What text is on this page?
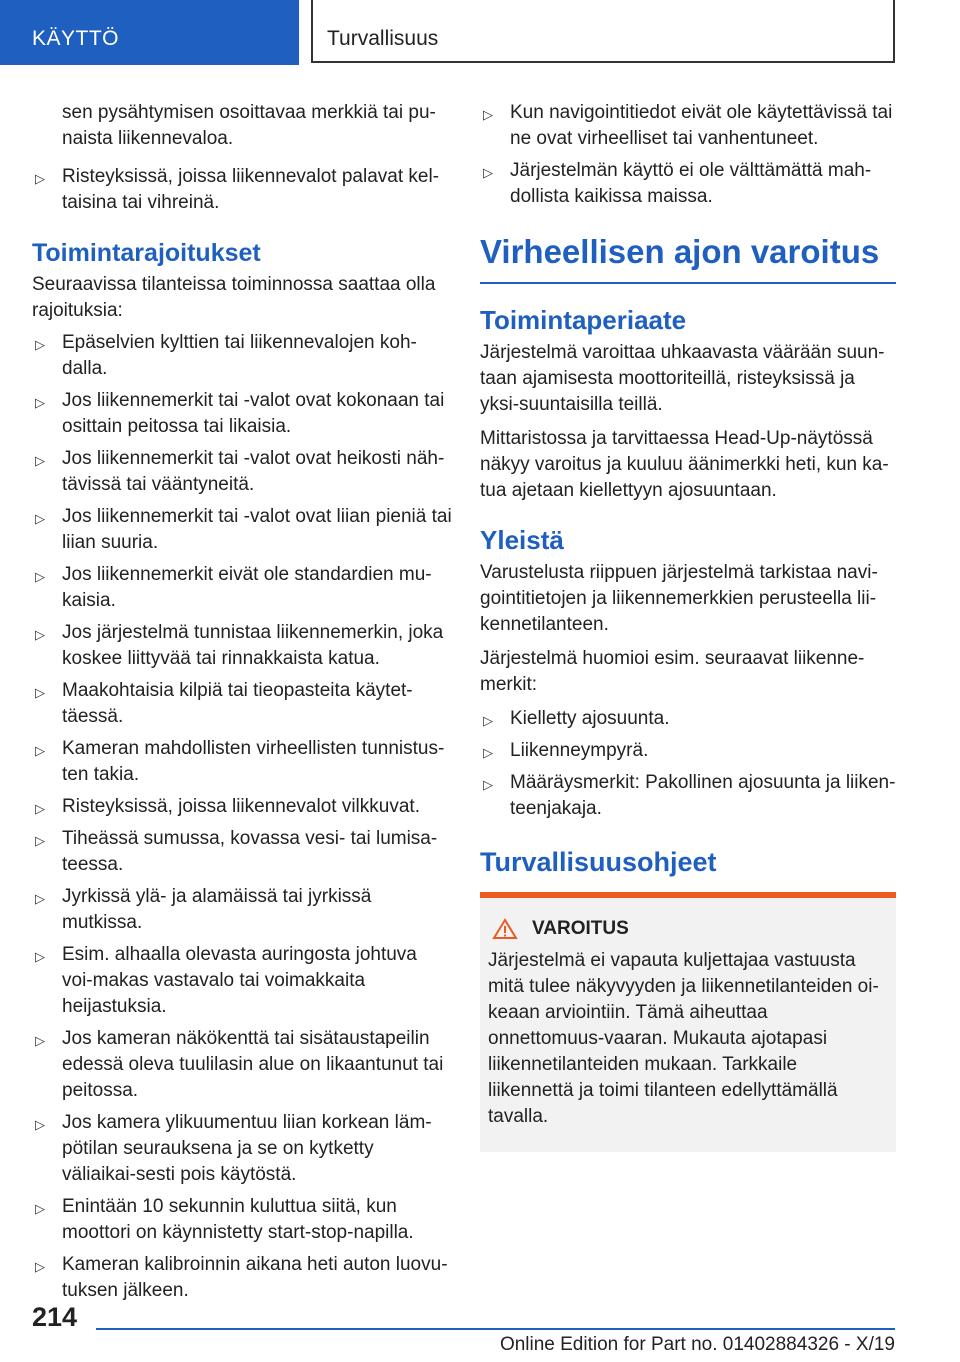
KÄYTTÖ	Turvallisuus

sen pysähtymisen osoittavaa merkkiä tai pu‐naista liikennevaloa.

▷ Risteyksissä, joissa liikennevalot palavat kel‐taisina tai vihreinä.
Toimintarajoitukset

Seuraavissa tilanteissa toiminnossa saattaa olla rajoituksia:

▷ Epäselvien kylttien tai liikennevalojen koh‐dalla.
▷ Jos liikennemerkit tai ‑valot ovat kokonaan tai osittain peitossa tai likaisia.
▷ Jos liikennemerkit tai ‑valot ovat heikosti näh‐tävissä tai vääntyneitä.
▷ Jos liikennemerkit tai ‑valot ovat liian pieniä tai liian suuria.
▷ Jos liikennemerkit eivät ole standardien mu‐kaisia.
▷ Jos järjestelmä tunnistaa liikennemerkin, joka koskee liittyvää tai rinnakkaista katua.
▷ Maakohtaisia kilpiä tai tieopasteita käytet‐täessä.
▷ Kameran mahdollisten virheellisten tunnistus‐ten takia.
▷ Risteyksissä, joissa liikennevalot vilkkuvat.
▷ Tiheässä sumussa, kovassa vesi- tai lumisa‐teessa.
▷ Jyrkissä ylä- ja alamäissä tai jyrkissä mutkissa.
▷ Esim. alhaalla olevasta auringosta johtuva voi‐makas vastavalo tai voimakkaita heijastuksia.
▷ Jos kameran näkökenttä tai sisätaustapeilin edessä oleva tuulilasin alue on likaantunut tai peitossa.
▷ Jos kamera ylikuumentuu liian korkean läm‐pötilan seurauksena ja se on kytketty väliaikai‐sesti pois käytöstä.
▷ Enintään 10 sekunnin kuluttua siitä, kun moottori on käynnistetty start-stop-napilla.
▷ Kameran kalibroinnin aikana heti auton luovu‐tuksen jälkeen.
▷ Kun navigointitiedot eivät ole käytettävissä tai ne ovat virheelliset tai vanhentuneet.
▷ Järjestelmän käyttö ei ole välttämättä mah‐dollista kaikissa maissa.
Virheellisen ajon varoitus
Toimintaperiaate

Järjestelmä varoittaa uhkaavasta väärään suun‐taan ajamisesta moottoriteillä, risteyksissä ja yksi‐suuntaisilla teillä.

Mittaristossa ja tarvittaessa Head-Up-näytössä näkyy varoitus ja kuuluu äänimerkki heti, kun ka‐tua ajetaan kiellettyyn ajosuuntaan.

Yleistä

Varustelusta riippuen järjestelmä tarkistaa navi‐gointitietojen ja liikennemerkkien perusteella lii‐kennetilanteen.

Järjestelmä huomioi esim. seuraavat liikenne‐merkit:

▷ Kielletty ajosuunta.
▷ Liikenneympyrä.
▷ Määräysmerkit: Pakollinen ajosuunta ja liiken‐teenjakaja.
Turvallisuusohjeet
VAROITUS
Järjestelmä ei vapauta kuljettajaa vastuusta mitä tulee näkyvyyden ja liikennetilanteiden oi‐keaan arviointiin. Tämä aiheuttaa onnettomuus‐vaaran. Mukauta ajotapasi liikennetilanteiden mukaan. Tarkkaile liikennettä ja toimi tilanteen edellyttämällä tavalla.
214
Online Edition for Part no. 01402884326 - X/19
